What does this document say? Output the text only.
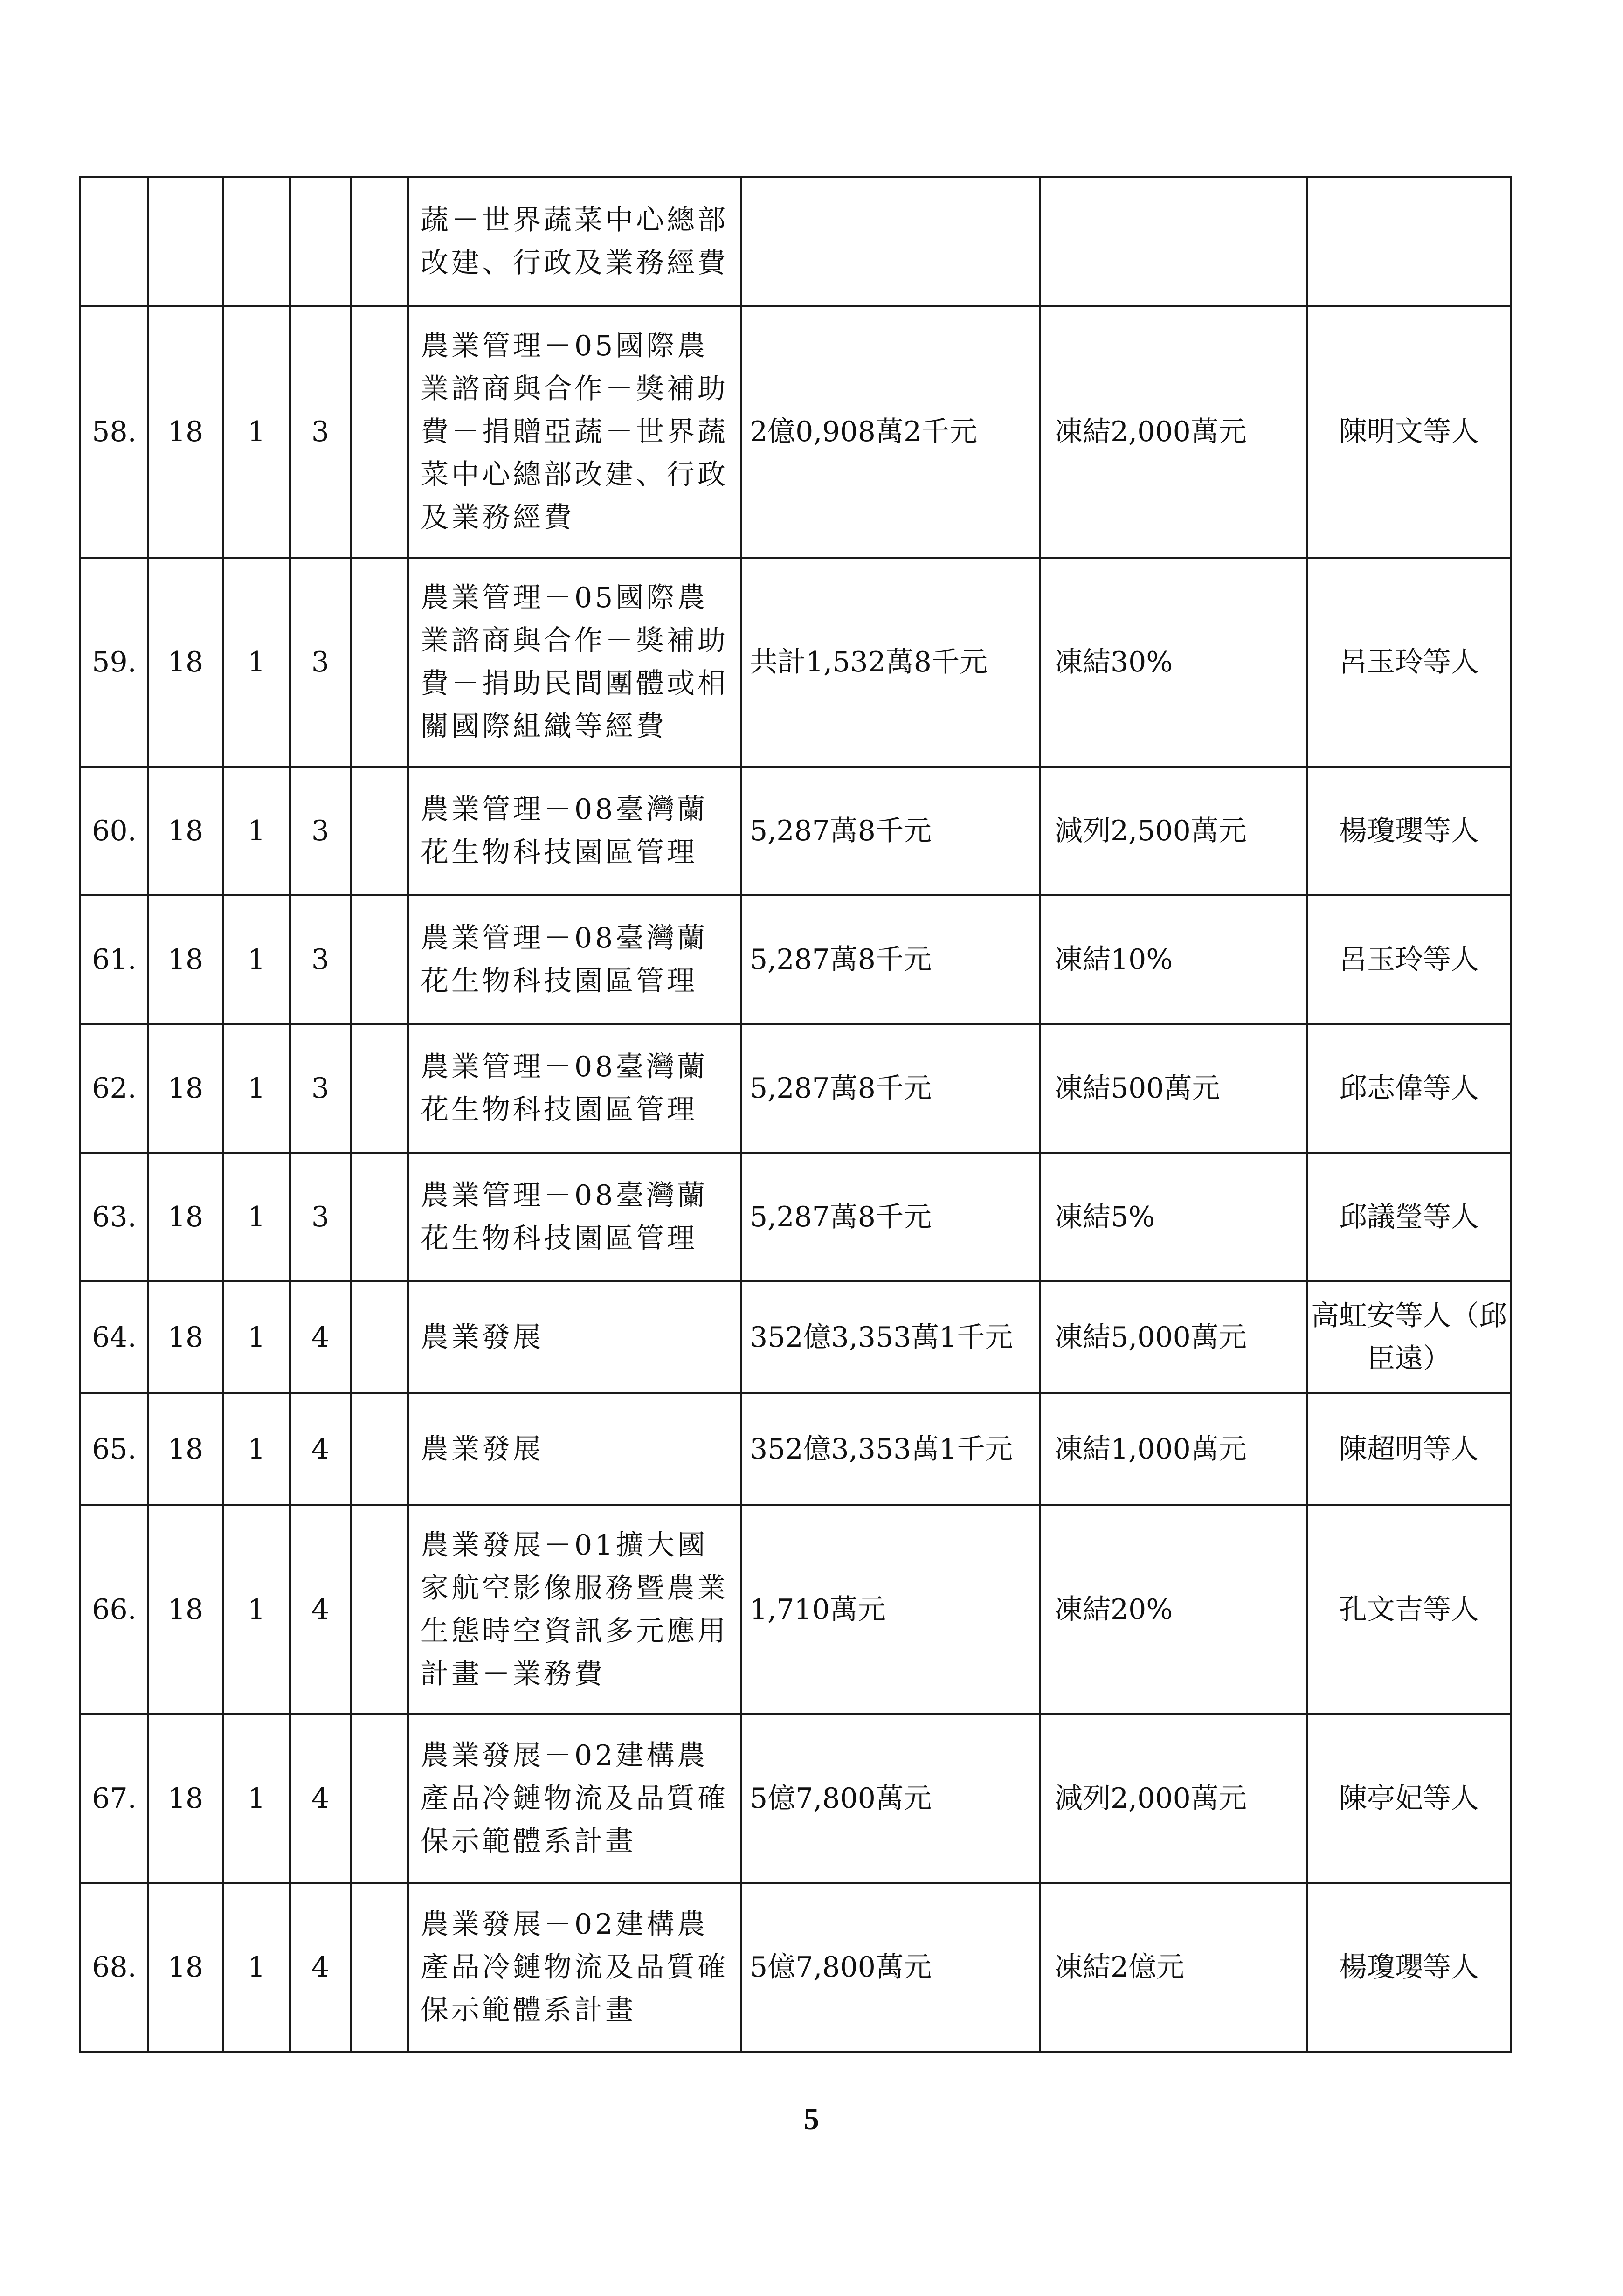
					蔬－世界蔬菜中心總部改建、行政及業務經費			
58.	18	1	3		農業管理－05國際農業諮商與合作－獎補助費－捐贈亞蔬－世界蔬菜中心總部改建、行政及業務經費	2億0,908萬2千元	凍結2,000萬元	陳明文等人
59.	18	1	3		農業管理－05國際農業諮商與合作－獎補助費－捐助民間團體或相關國際組織等經費	共計1,532萬8千元	凍結30%	呂玉玲等人
60.	18	1	3		農業管理－08臺灣蘭花生物科技園區管理	5,287萬8千元	減列2,500萬元	楊瓊瓔等人
61.	18	1	3		農業管理－08臺灣蘭花生物科技園區管理	5,287萬8千元	凍結10%	呂玉玲等人
62.	18	1	3		農業管理－08臺灣蘭花生物科技園區管理	5,287萬8千元	凍結500萬元	邱志偉等人
63.	18	1	3		農業管理－08臺灣蘭花生物科技園區管理	5,287萬8千元	凍結5%	邱議瑩等人
64.	18	1	4		農業發展	352億3,353萬1千元	凍結5,000萬元	高虹安等人（邱臣遠）
65.	18	1	4		農業發展	352億3,353萬1千元	凍結1,000萬元	陳超明等人
66.	18	1	4		農業發展－01擴大國家航空影像服務暨農業生態時空資訊多元應用計畫－業務費	1,710萬元	凍結20%	孔文吉等人
67.	18	1	4		農業發展－02建構農產品冷鏈物流及品質確保示範體系計畫	5億7,800萬元	減列2,000萬元	陳亭妃等人
68.	18	1	4		農業發展－02建構農產品冷鏈物流及品質確保示範體系計畫	5億7,800萬元	凍結2億元	楊瓊瓔等人
5
